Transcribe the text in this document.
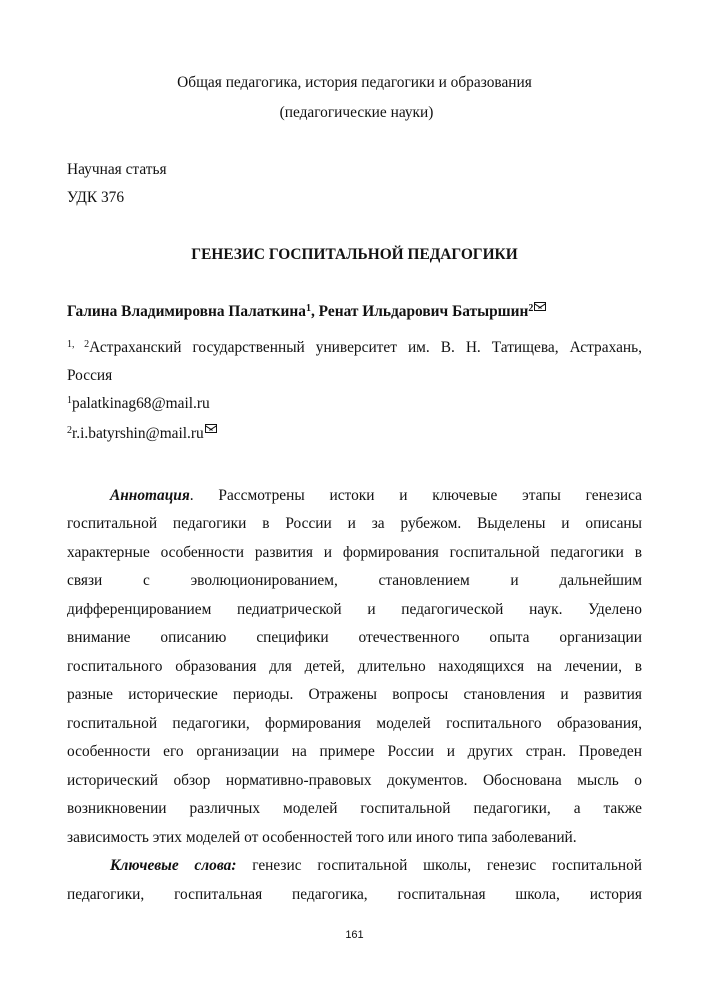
Общая педагогика, история педагогики и образования
(педагогические науки)
Научная статья
УДК 376
ГЕНЕЗИС ГОСПИТАЛЬНОЙ ПЕДАГОГИКИ
Галина Владимировна Палаткина$^1$, Ренат Ильдарович Батыршин$^2$
$^{1, 2}$Астраханский государственный университет им. В. Н. Татищева, Астрахань,
Россия
$^1$palatkinag68@mail.ru
$^2$r.i.batyrshin@mail.ru
Аннотация. Рассмотрены истоки и ключевые этапы генезиса
госпитальной педагогики в России и за рубежом. Выделены и описаны
характерные особенности развития и формирования госпитальной педагогики в
связи с эволюционированием, становлением и дальнейшим
дифференцированием педиатрической и педагогической наук. Уделено
внимание описанию специфики отечественного опыта организации
госпитального образования для детей, длительно находящихся на лечении, в
разные исторические периоды. Отражены вопросы становления и развития
госпитальной педагогики, формирования моделей госпитального образования,
особенности его организации на примере России и других стран. Проведен
исторический обзор нормативно-правовых документов. Обоснована мысль о
возникновении различных моделей госпитальной педагогики, а также
зависимость этих моделей от особенностей того или иного типа заболеваний.
Ключевые слова: генезис госпитальной школы, генезис госпитальной
педагогики, госпитальная педагогика, госпитальная школа, история
161
